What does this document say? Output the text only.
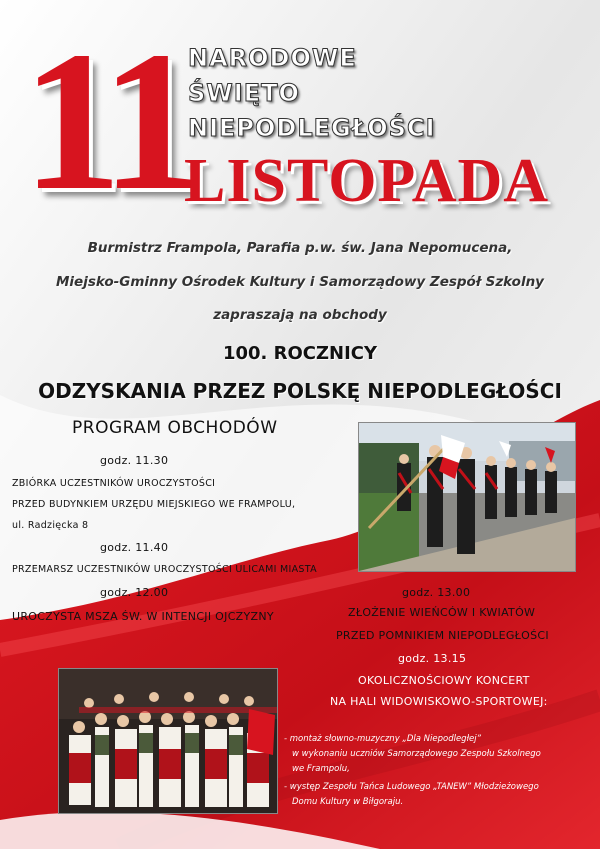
11
NARODOWE
ŚWIĘTO
NIEPODLEGŁOŚCI
LISTOPADA
Burmistrz Frampola, Parafia p.w. św. Jana Nepomucena,
Miejsko-Gminny Ośrodek Kultury i Samorządowy Zespół Szkolny
zapraszają na obchody
100. ROCZNICY
ODZYSKANIA PRZEZ POLSKĘ NIEPODLEGŁOŚCI
PROGRAM OBCHODÓW
godz. 11.30
ZBIÓRKA UCZESTNIKÓW UROCZYSTOŚCI
PRZED BUDYNKIEM URZĘDU MIEJSKIEGO WE FRAMPOLU,
ul. Radzięcka 8
godz. 11.40
PRZEMARSZ UCZESTNIKÓW UROCZYSTOŚCI ULICAMI MIASTA
godz. 12.00
UROCZYSTA MSZA ŚW. W INTENCJI OJCZYZNY
godz. 13.00
ZŁOŻENIE WIEŃCÓW I KWIATÓW
PRZED POMNIKIEM NIEPODLEGŁOŚCI
godz. 13.15
OKOLICZNOŚCIOWY KONCERT
NA HALI WIDOWISKOWO-SPORTOWEJ:
- montaż słowno-muzyczny „Dla Niepodległej”
w wykonaniu uczniów Samorządowego Zespołu Szkolnego
we Frampolu,
- występ Zespołu Tańca Ludowego „TANEW” Młodzieżowego
Domu Kultury w Biłgoraju.
